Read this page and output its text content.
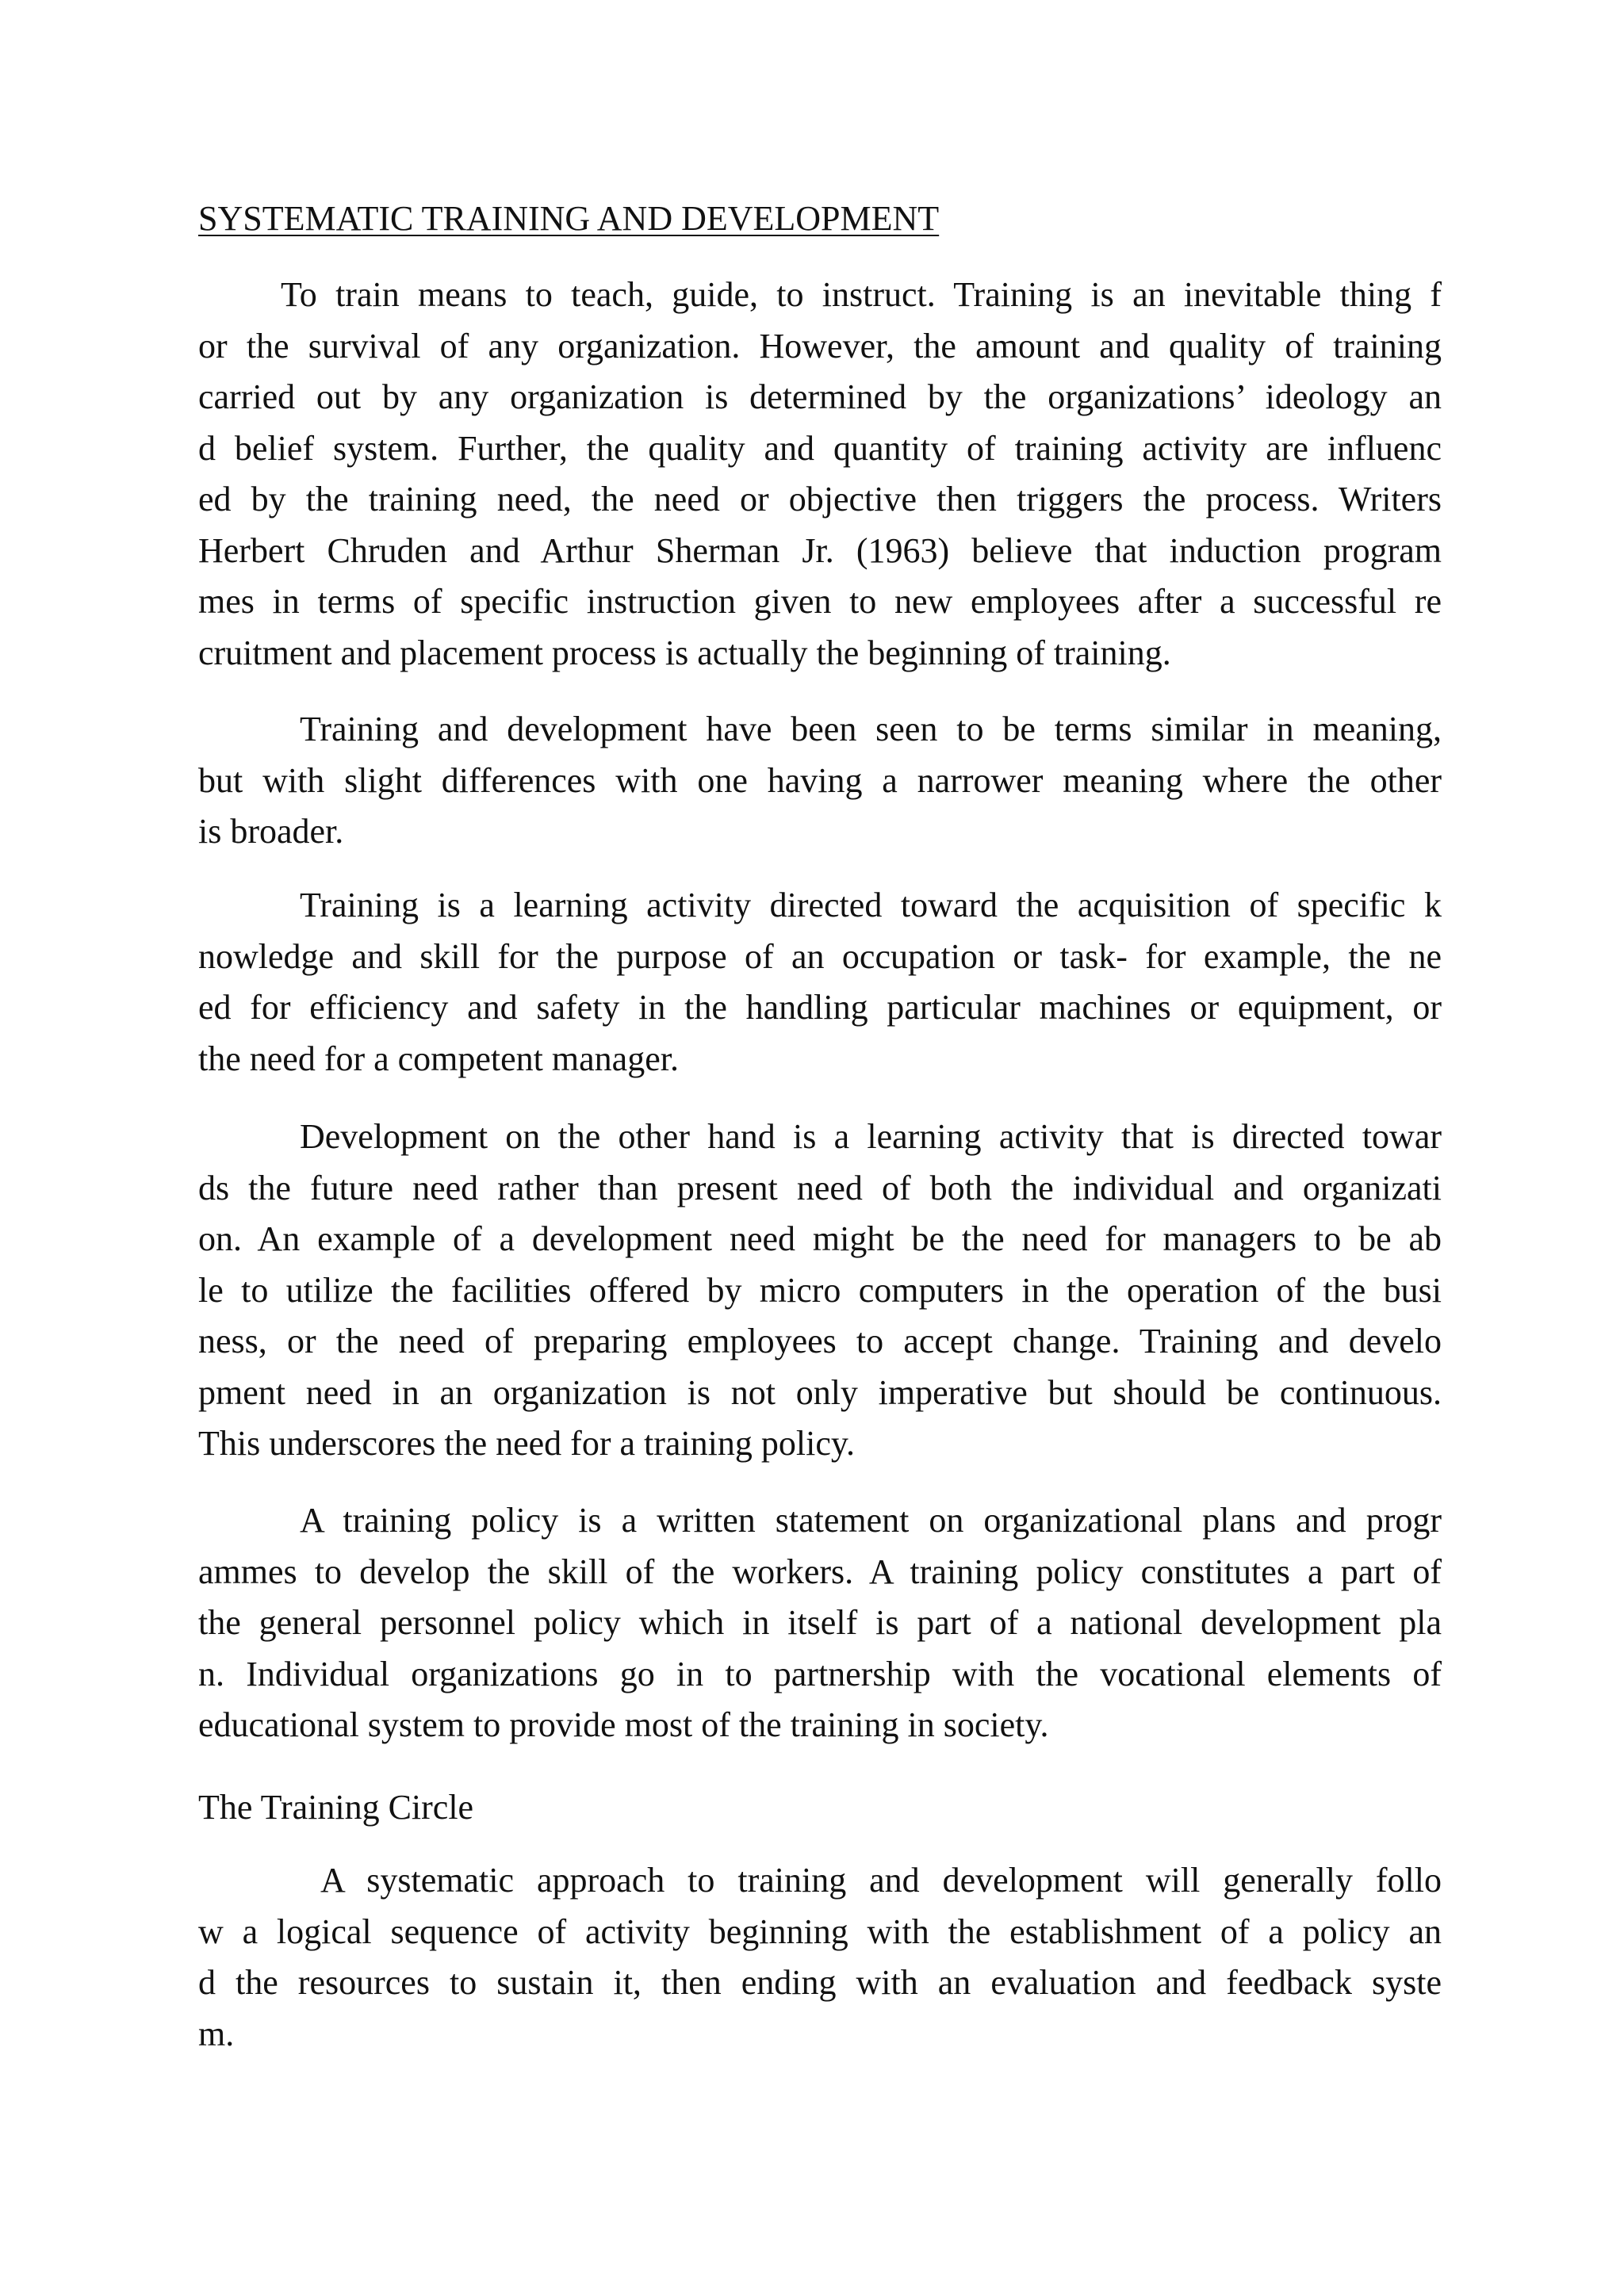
SYSTEMATIC TRAINING AND DEVELOPMENT

To train means to teach, guide, to instruct. Training is an inevitable thing f
or the survival of any organization. However, the amount and quality of training
carried out by any organization is determined by the organizations’ ideology an
d belief system. Further, the quality and quantity of training activity are influenc
ed by the training need, the need or objective then triggers the process. Writers
Herbert Chruden and Arthur Sherman Jr. (1963) believe that induction program
mes in terms of specific instruction given to new employees after a successful re
cruitment and placement process is actually the beginning of training.

Training and development have been seen to be terms similar in meaning,
but with slight differences with one having a narrower meaning where the other
is broader.

Training is a learning activity directed toward the acquisition of specific k
nowledge and skill for the purpose of an occupation or task- for example, the ne
ed for efficiency and safety in the handling particular machines or equipment, or
the need for a competent manager.

Development on the other hand is a learning activity that is directed towar
ds the future need rather than present need of both the individual and organizati
on. An example of a development need might be the need for managers to be ab
le to utilize the facilities offered by micro computers in the operation of the busi
ness, or the need of preparing employees to accept change. Training and develo
pment need in an organization is not only imperative but should be continuous.
This underscores the need for a training policy.

A training policy is a written statement on organizational plans and progr
ammes to develop the skill of the workers. A training policy constitutes a part of
the general personnel policy which in itself is part of a national development pla
n. Individual organizations go in to partnership with the vocational elements of
educational system to provide most of the training in society.

The Training Circle

A systematic approach to training and development will generally follo
w a logical sequence of activity beginning with the establishment of a policy an
d the resources to sustain it, then ending with an evaluation and feedback syste
m.
